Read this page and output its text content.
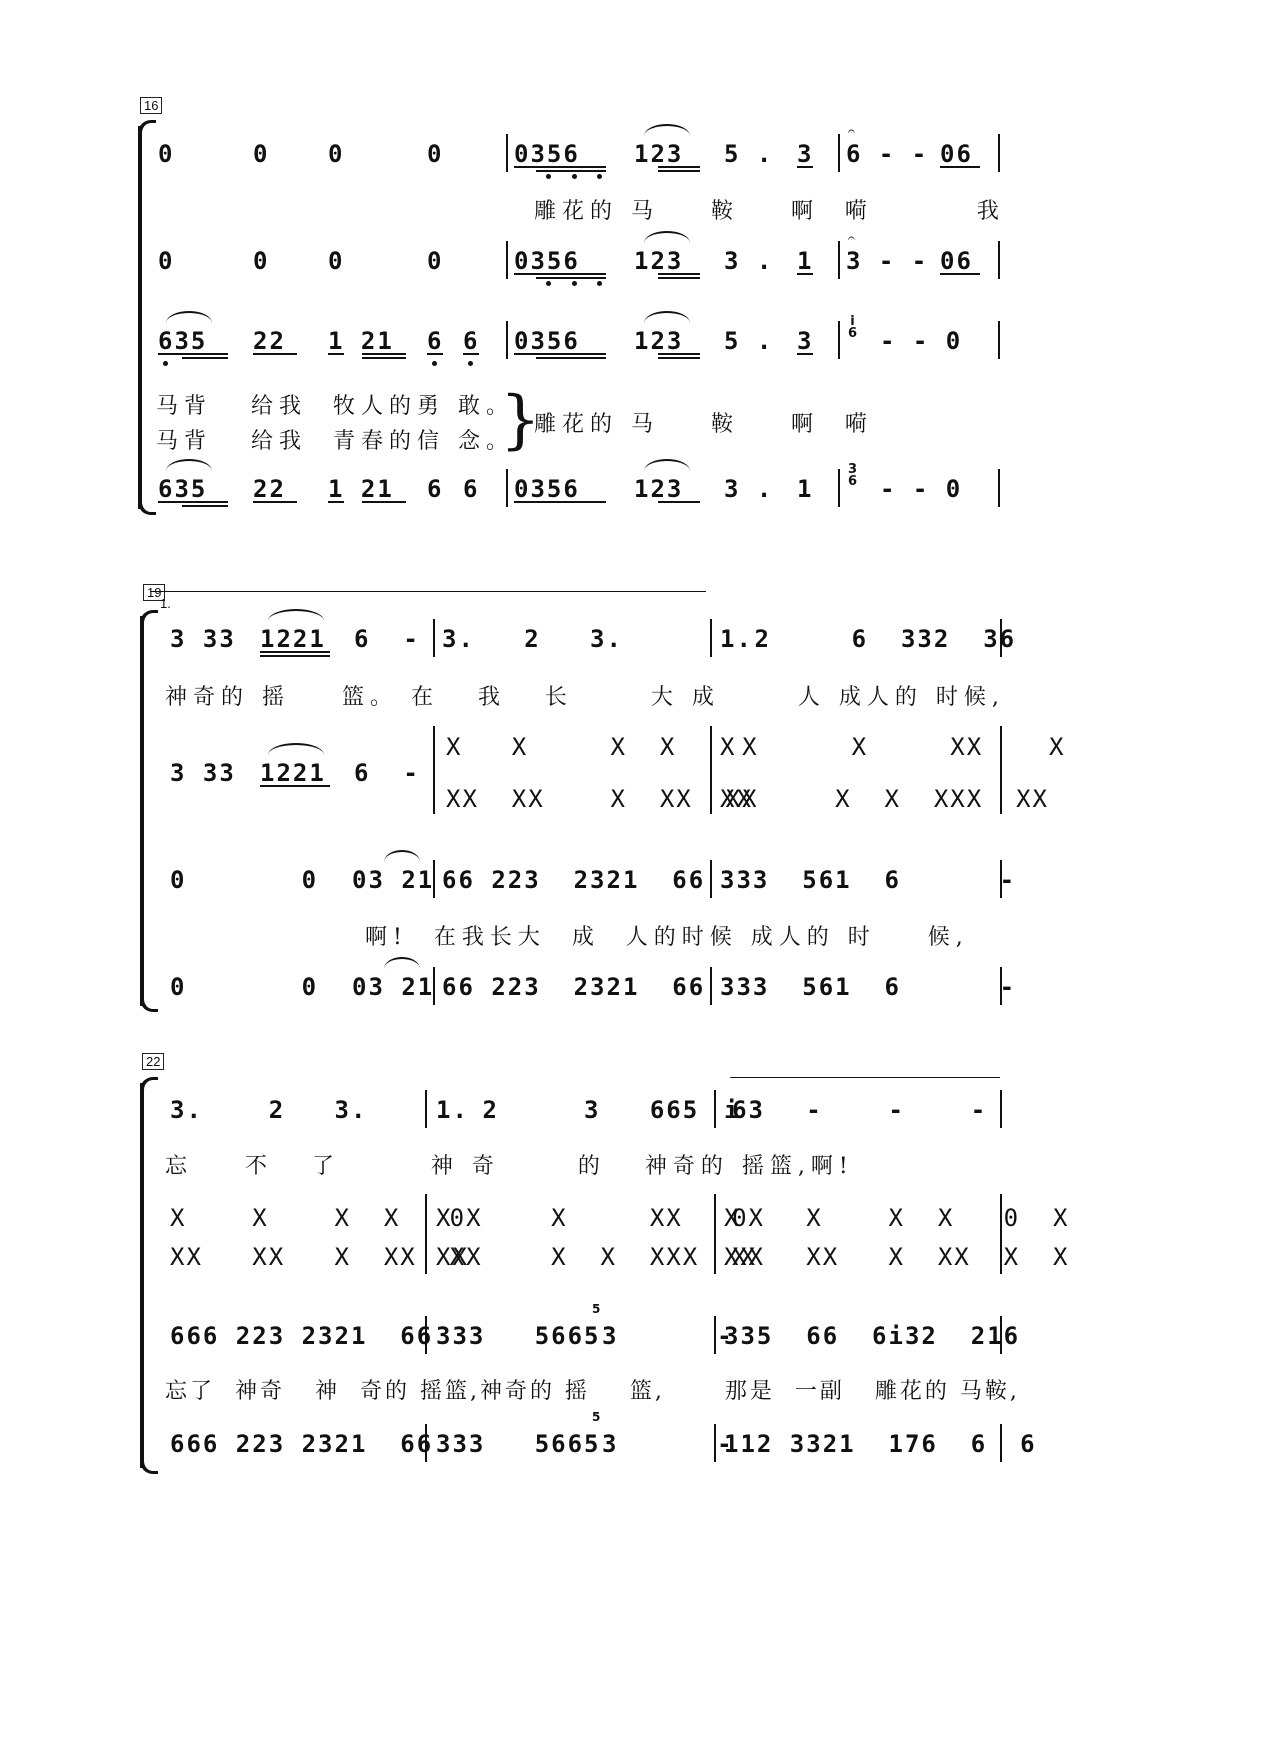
16
0	0 0	0	0356 123 5 . 3 6 - -
𝄐
06
雕花的 马    鞍    啊  嗬        我
0	0 0	0	0356 123 3 . 1 3 - -
𝄐
06
635 22 1 21 6 6 0356 123 5 . 3
i
6 - - 0
马背   给我  牧人的勇 敢。
马背   给我  青春的信 念。
}
雕花的 马    鞍    啊  嗬
635 22 1 21 6 6 0356 123 3 . 1
3
6 - - 0
19
1.
3 33 1221 6  - 3.   2   3.        2
1.      6  332  36
神奇的 摇    篮。 在   我   长      大 成      人 成人的 时候,
3 33 1221 6  -
X   X     X  X    X
XX  XX    X  XX  XX
X       X     XX    X
XX     X  X  XXX  XX
0       0 03 21 66 223  2321  66 333  561  6      -
啊!  在我长大  成  人的时候 成人的 时    候,
0       0 03 21 66 223  2321  66 333  561  6      -
22
3.    2   3.       2
1.       3   665  63
i    -    -    -
忘    不   了       神 奇      的   神奇的 摇篮,啊!
X    X    X  X   0X
XX   XX   X  XX  XX
X      X     XX   0X
XX     X  X  XXX  XX
X    X    X  X   0  X
XX   XX   X  XX  X  X
666 223 2321  66 333   5665
5
3      -
335  66  6i32  216
忘了  神奇   神  奇的 摇篮,神奇的 摇    篮,      那是  一副   雕花的 马鞍,
666 223 2321  66 333   5665
5
3      -
112 3321  176  6  6
